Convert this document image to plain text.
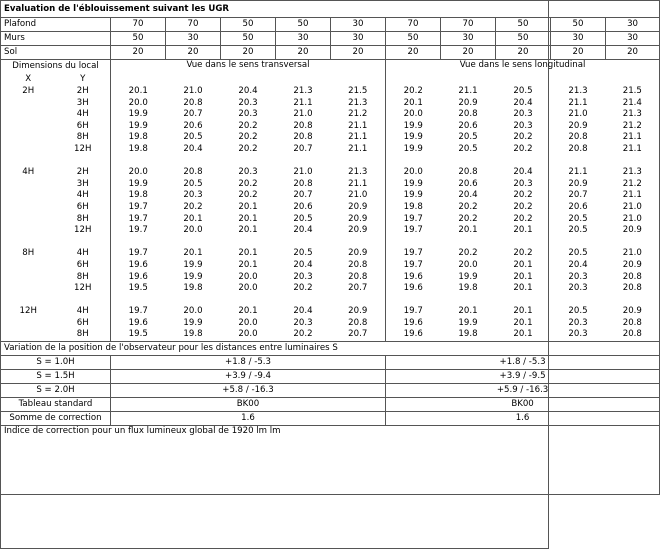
Evaluation de l'éblouissement suivant les UGR											
Plafond		70	70	50	50	30	70	70	50	50	30
Murs		50	30	50	30	30	50	30	50	30	30
Sol		20	20	20	20	20	20	20	20	20	20
Dimensions du local		Vue dans le sens transversal					Vue dans le sens longitudinal				
X	Y										
2H	2H	20.1	21.0	20.4	21.3	21.5	20.2	21.1	20.5	21.3	21.5
	3H	20.0	20.8	20.3	21.1	21.3	20.1	20.9	20.4	21.1	21.4
	4H	19.9	20.7	20.3	21.0	21.2	20.0	20.8	20.3	21.0	21.3
	6H	19.9	20.6	20.2	20.8	21.1	19.9	20.6	20.3	20.9	21.2
	8H	19.8	20.5	20.2	20.8	21.1	19.9	20.5	20.2	20.8	21.1
	12H	19.8	20.4	20.2	20.7	21.1	19.9	20.5	20.2	20.8	21.1

4H	2H	20.0	20.8	20.3	21.0	21.3	20.0	20.8	20.4	21.1	21.3
	3H	19.9	20.5	20.2	20.8	21.1	19.9	20.6	20.3	20.9	21.2
	4H	19.8	20.3	20.2	20.7	21.0	19.9	20.4	20.2	20.7	21.1
	6H	19.7	20.2	20.1	20.6	20.9	19.8	20.2	20.2	20.6	21.0
	8H	19.7	20.1	20.1	20.5	20.9	19.7	20.2	20.2	20.5	21.0
	12H	19.7	20.0	20.1	20.4	20.9	19.7	20.1	20.1	20.5	20.9

8H	4H	19.7	20.1	20.1	20.5	20.9	19.7	20.2	20.2	20.5	21.0
	6H	19.6	19.9	20.1	20.4	20.8	19.7	20.0	20.1	20.4	20.9
	8H	19.6	19.9	20.0	20.3	20.8	19.6	19.9	20.1	20.3	20.8
	12H	19.5	19.8	20.0	20.2	20.7	19.6	19.8	20.1	20.3	20.8

12H	4H	19.7	20.0	20.1	20.4	20.9	19.7	20.1	20.1	20.5	20.9
	6H	19.6	19.9	20.0	20.3	20.8	19.6	19.9	20.1	20.3	20.8
	8H	19.5	19.8	20.0	20.2	20.7	19.6	19.8	20.1	20.3	20.8
Variation de la position de l'observateur pour les distances entre luminaires S											
S = 1.0H		+1.8 / -5.3					+1.8 / -5.3				
S = 1.5H		+3.9 / -9.4					+3.9 / -9.5				
S = 2.0H		+5.8 / -16.3					+5.9 / -16.3				
Tableau standard		BK00					BK00				
Somme de correction		1.6					1.6				
Indice de correction pour un flux lumineux global de 1920 lm lm											
